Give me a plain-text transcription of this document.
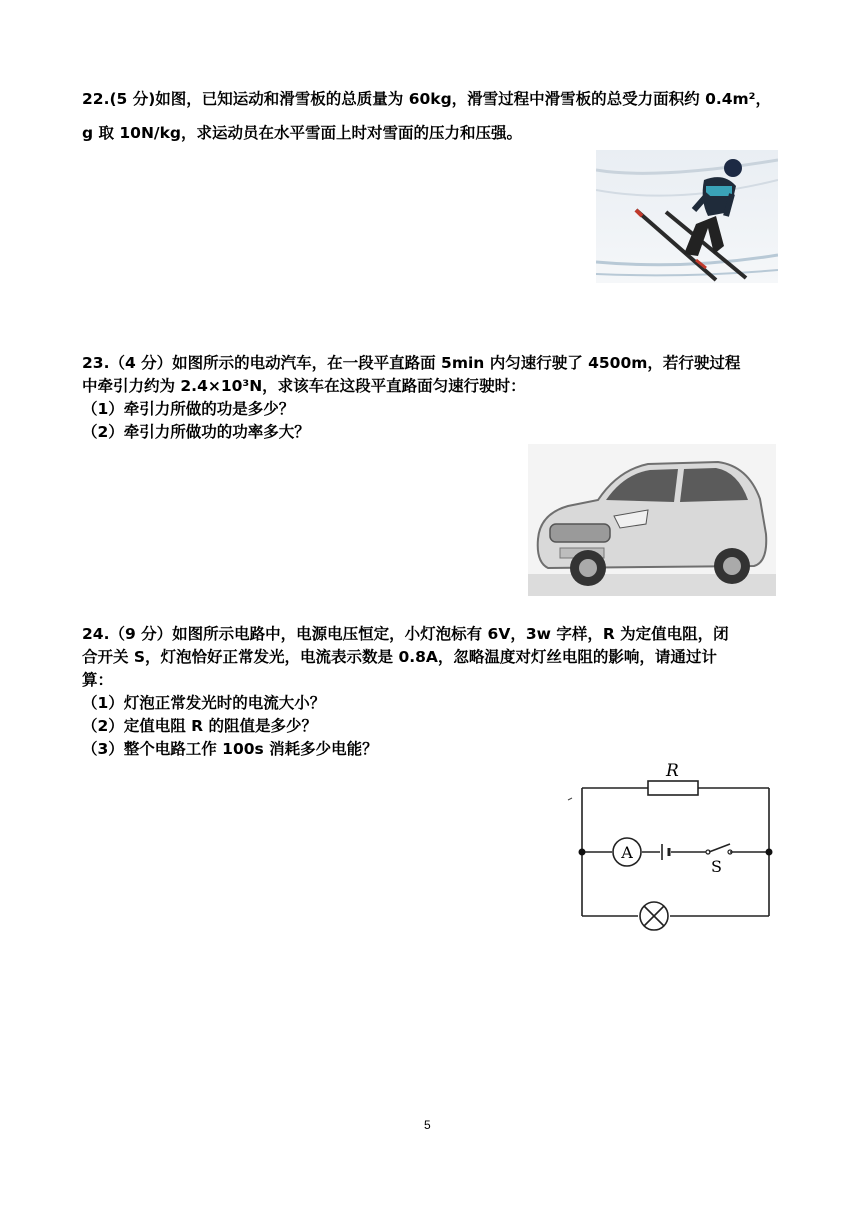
22.(5 分)如图，已知运动和滑雪板的总质量为 60kg，滑雪过程中滑雪板的总受力面积约 0.4m²，
g 取 10N/kg，求运动员在水平雪面上时对雪面的压力和压强。
23.（4 分）如图所示的电动汽车，在一段平直路面 5min 内匀速行驶了 4500m，若行驶过程
中牵引力约为 2.4×10³N，求该车在这段平直路面匀速行驶时：
（1）牵引力所做的功是多少？
（2）牵引力所做功的功率多大？
24.（9 分）如图所示电路中，电源电压恒定，小灯泡标有 6V，3w 字样，R 为定值电阻，闭
合开关 S，灯泡恰好正常发光，电流表示数是 0.8A，忽略温度对灯丝电阻的影响，请通过计
算：
（1）灯泡正常发光时的电流大小？
（2）定值电阻 R 的阻值是多少？
（3）整个电路工作 100s 消耗多少电能？
R
A
S
5
